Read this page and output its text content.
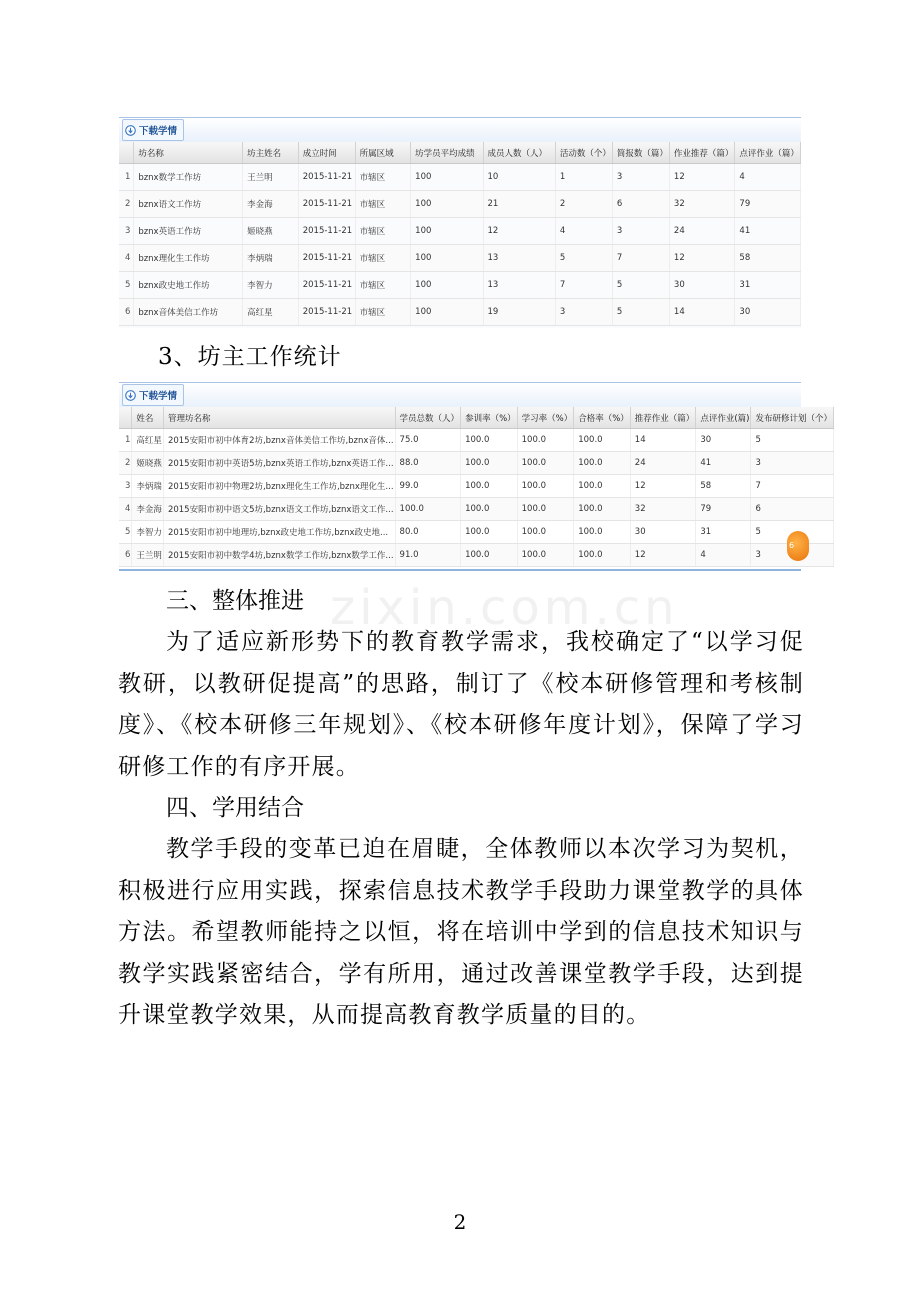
下载学情
	坊名称	坊主姓名	成立时间	所属区域	坊学员平均成绩	成员人数（人）	活动数（个）	简报数（篇）	作业推荐（篇）	点评作业（篇）
1	bznx数学工作坊	王兰明	2015-11-21	市辖区	100	10	1	3	12	4
2	bznx语文工作坊	李金海	2015-11-21	市辖区	100	21	2	6	32	79
3	bznx英语工作坊	姬晓燕	2015-11-21	市辖区	100	12	4	3	24	41
4	bznx理化生工作坊	李炳瑞	2015-11-21	市辖区	100	13	5	7	12	58
5	bznx政史地工作坊	李智力	2015-11-21	市辖区	100	13	7	5	30	31
6	bznx音体美信工作坊	高红星	2015-11-21	市辖区	100	19	3	5	14	30
3、坊主工作统计
下载学情
	姓名	管理坊名称	学员总数（人）	参训率（%）	学习率（%）	合格率（%）	推荐作业（篇）	点评作业(篇)	发布研修计划（个）
1	高红星	2015安阳市初中体育2坊,bznx音体美信工作坊,bznx音体...	75.0	100.0	100.0	100.0	14	30	5
2	姬晓燕	2015安阳市初中英语5坊,bznx英语工作坊,bznx英语工作...	88.0	100.0	100.0	100.0	24	41	3
3	李炳瑞	2015安阳市初中物理2坊,bznx理化生工作坊,bznx理化生...	99.0	100.0	100.0	100.0	12	58	7
4	李金海	2015安阳市初中语文5坊,bznx语文工作坊,bznx语文工作...	100.0	100.0	100.0	100.0	32	79	6
5	李智力	2015安阳市初中地理坊,bznx政史地工作坊,bznx政史地...	80.0	100.0	100.0	100.0	30	31	5
6	王兰明	2015安阳市初中数学4坊,bznx数学工作坊,bznx数学工作...	91.0	100.0	100.0	100.0	12	4	3
6
zixin.com.cn

三、整体推进

为了适应新形势下的教育教学需求，我校确定了“以学习促教研，以教研促提高”的思路，制订了《校本研修管理和考核制度》、《校本研修三年规划》、《校本研修年度计划》，保障了学习研修工作的有序开展。

四、学用结合

教学手段的变革已迫在眉睫，全体教师以本次学习为契机，积极进行应用实践，探索信息技术教学手段助力课堂教学的具体方法。希望教师能持之以恒，将在培训中学到的信息技术知识与教学实践紧密结合，学有所用，通过改善课堂教学手段，达到提升课堂教学效果，从而提高教育教学质量的目的。

2
